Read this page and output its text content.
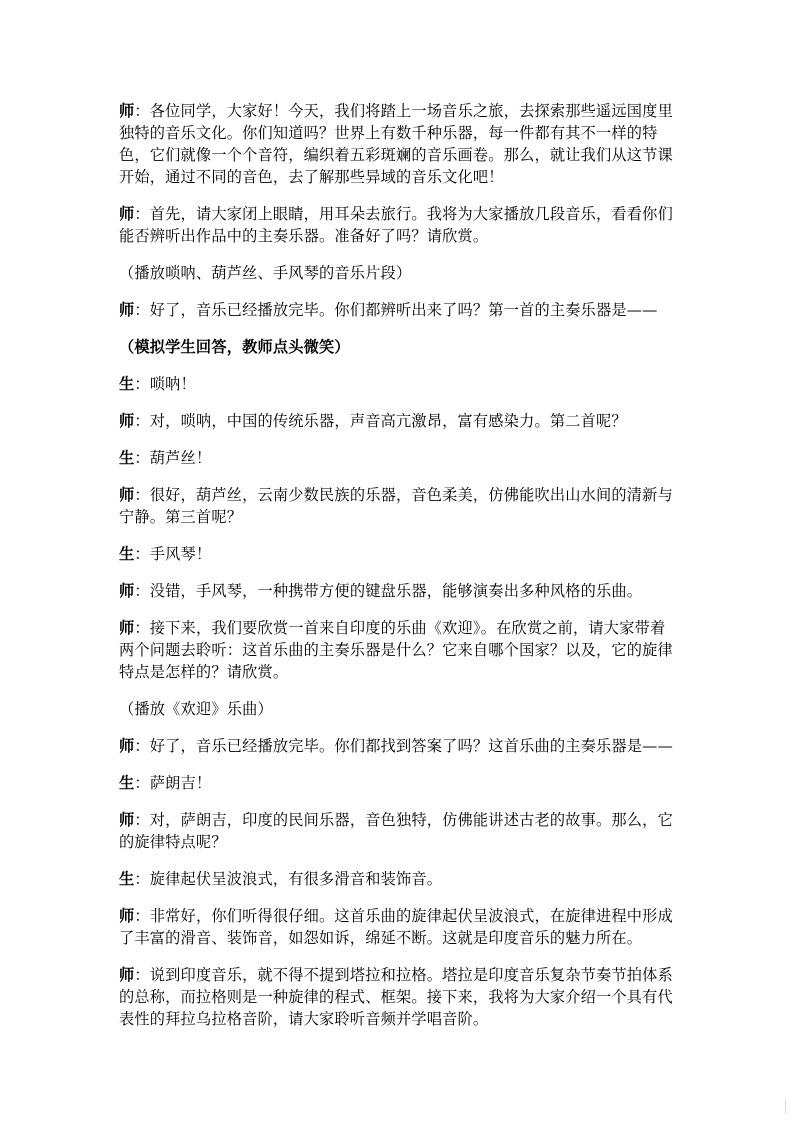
师：各位同学，大家好！今天，我们将踏上一场音乐之旅，去探索那些遥远国度里独特的音乐文化。你们知道吗？世界上有数千种乐器，每一件都有其不一样的特色，它们就像一个个音符，编织着五彩斑斓的音乐画卷。那么，就让我们从这节课开始，通过不同的音色，去了解那些异域的音乐文化吧！

师：首先，请大家闭上眼睛，用耳朵去旅行。我将为大家播放几段音乐，看看你们能否辨听出作品中的主奏乐器。准备好了吗？请欣赏。

（播放唢呐、葫芦丝、手风琴的音乐片段）

师：好了，音乐已经播放完毕。你们都辨听出来了吗？第一首的主奏乐器是——

（模拟学生回答，教师点头微笑）

生：唢呐！

师：对，唢呐，中国的传统乐器，声音高亢激昂，富有感染力。第二首呢？

生：葫芦丝！

师：很好，葫芦丝，云南少数民族的乐器，音色柔美，仿佛能吹出山水间的清新与宁静。第三首呢？

生：手风琴！

师：没错，手风琴，一种携带方便的键盘乐器，能够演奏出多种风格的乐曲。

师：接下来，我们要欣赏一首来自印度的乐曲《欢迎》。在欣赏之前，请大家带着两个问题去聆听：这首乐曲的主奏乐器是什么？它来自哪个国家？以及，它的旋律特点是怎样的？请欣赏。

（播放《欢迎》乐曲）

师：好了，音乐已经播放完毕。你们都找到答案了吗？这首乐曲的主奏乐器是——

生：萨朗吉！

师：对，萨朗吉，印度的民间乐器，音色独特，仿佛能讲述古老的故事。那么，它的旋律特点呢？

生：旋律起伏呈波浪式，有很多滑音和装饰音。

师：非常好，你们听得很仔细。这首乐曲的旋律起伏呈波浪式，在旋律进程中形成了丰富的滑音、装饰音，如怨如诉，绵延不断。这就是印度音乐的魅力所在。

师：说到印度音乐，就不得不提到塔拉和拉格。塔拉是印度音乐复杂节奏节拍体系的总称，而拉格则是一种旋律的程式、框架。接下来，我将为大家介绍一个具有代表性的拜拉乌拉格音阶，请大家聆听音频并学唱音阶。
